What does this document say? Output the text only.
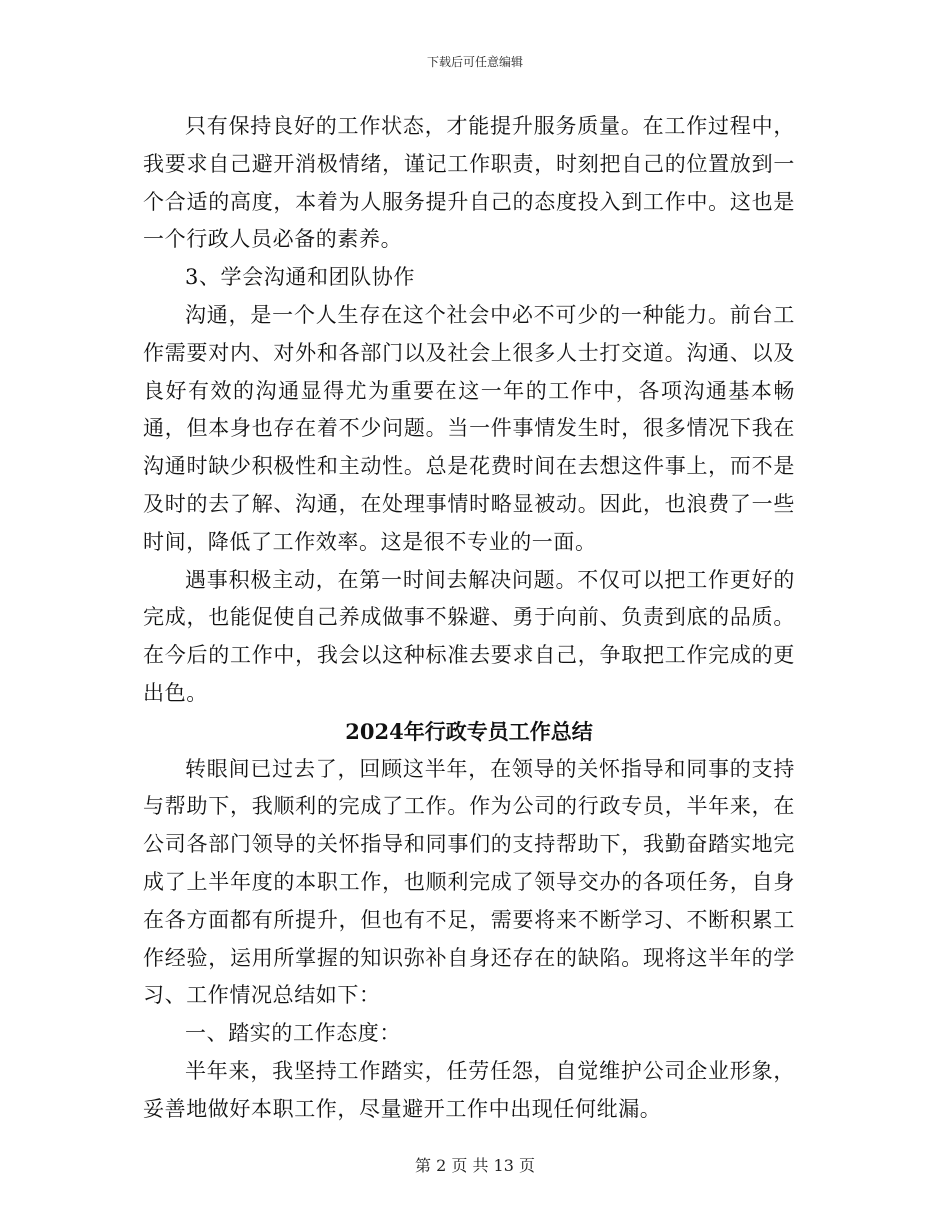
下载后可任意编辑

只有保持良好的工作状态，才能提升服务质量。在工作过程中，我要求自己避开消极情绪，谨记工作职责，时刻把自己的位置放到一个合适的高度，本着为人服务提升自己的态度投入到工作中。这也是一个行政人员必备的素养。

3、学会沟通和团队协作

沟通，是一个人生存在这个社会中必不可少的一种能力。前台工作需要对内、对外和各部门以及社会上很多人士打交道。沟通、以及良好有效的沟通显得尤为重要在这一年的工作中，各项沟通基本畅通，但本身也存在着不少问题。当一件事情发生时，很多情况下我在沟通时缺少积极性和主动性。总是花费时间在去想这件事上，而不是及时的去了解、沟通，在处理事情时略显被动。因此，也浪费了一些时间，降低了工作效率。这是很不专业的一面。

遇事积极主动，在第一时间去解决问题。不仅可以把工作更好的完成，也能促使自己养成做事不躲避、勇于向前、负责到底的品质。在今后的工作中，我会以这种标准去要求自己，争取把工作完成的更出色。

2024年行政专员工作总结

转眼间已过去了，回顾这半年，在领导的关怀指导和同事的支持与帮助下，我顺利的完成了工作。作为公司的行政专员，半年来，在公司各部门领导的关怀指导和同事们的支持帮助下，我勤奋踏实地完成了上半年度的本职工作，也顺利完成了领导交办的各项任务，自身在各方面都有所提升，但也有不足，需要将来不断学习、不断积累工作经验，运用所掌握的知识弥补自身还存在的缺陷。现将这半年的学习、工作情况总结如下：

一、踏实的工作态度：

半年来，我坚持工作踏实，任劳任怨，自觉维护公司企业形象，妥善地做好本职工作，尽量避开工作中出现任何纰漏。

第 2 页 共 13 页
